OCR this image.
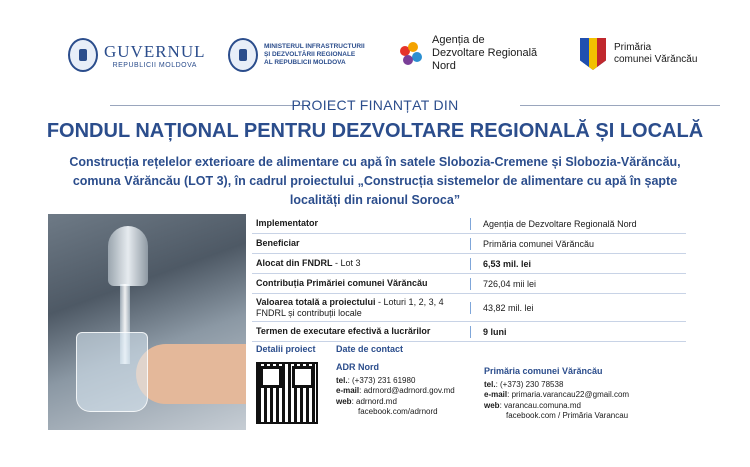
GUVERNUL
REPUBLICII MOLDOVA
MINISTERUL INFRASTRUCTURII
ȘI DEZVOLTĂRII REGIONALE
AL REPUBLICII MOLDOVA
Agenția de
Dezvoltare Regională
Nord
Primăria
comunei Vărăncău
PROIECT FINANȚAT DIN
FONDUL NAȚIONAL PENTRU DEZVOLTARE REGIONALĂ ȘI LOCALĂ
Construcția rețelelor exterioare de alimentare cu apă în satele Slobozia-Cremene și Slobozia-Vărăncău, comuna Vărăncău (LOT 3), în cadrul proiectului „Construcția sistemelor de alimentare cu apă în șapte localități din raionul Soroca”
Implementator	Agenția de Dezvoltare Regională Nord
Beneficiar	Primăria comunei Vărăncău
Alocat din FNDRL - Lot 3	6,53 mil. lei
Contribuția Primăriei comunei Vărăncău	726,04 mii lei
Valoarea totală a proiectului - Loturi 1, 2, 3, 4 FNDRL și contribuții locale	43,82 mil. lei
Termen de executare efectivă a lucrărilor	9 luni
Detalii proiect Date de contact
ADR Nord
tel.: (+373) 231 61980
e-mail: adrnord@adrnord.gov.md
web: adrnord.md
facebook.com/adrnord
Primăria comunei Vărăncău
tel.: (+373) 230 78538
e-mail: primaria.varancau22@gmail.com
web: varancau.comuna.md
facebook.com / Primăria Varancau
